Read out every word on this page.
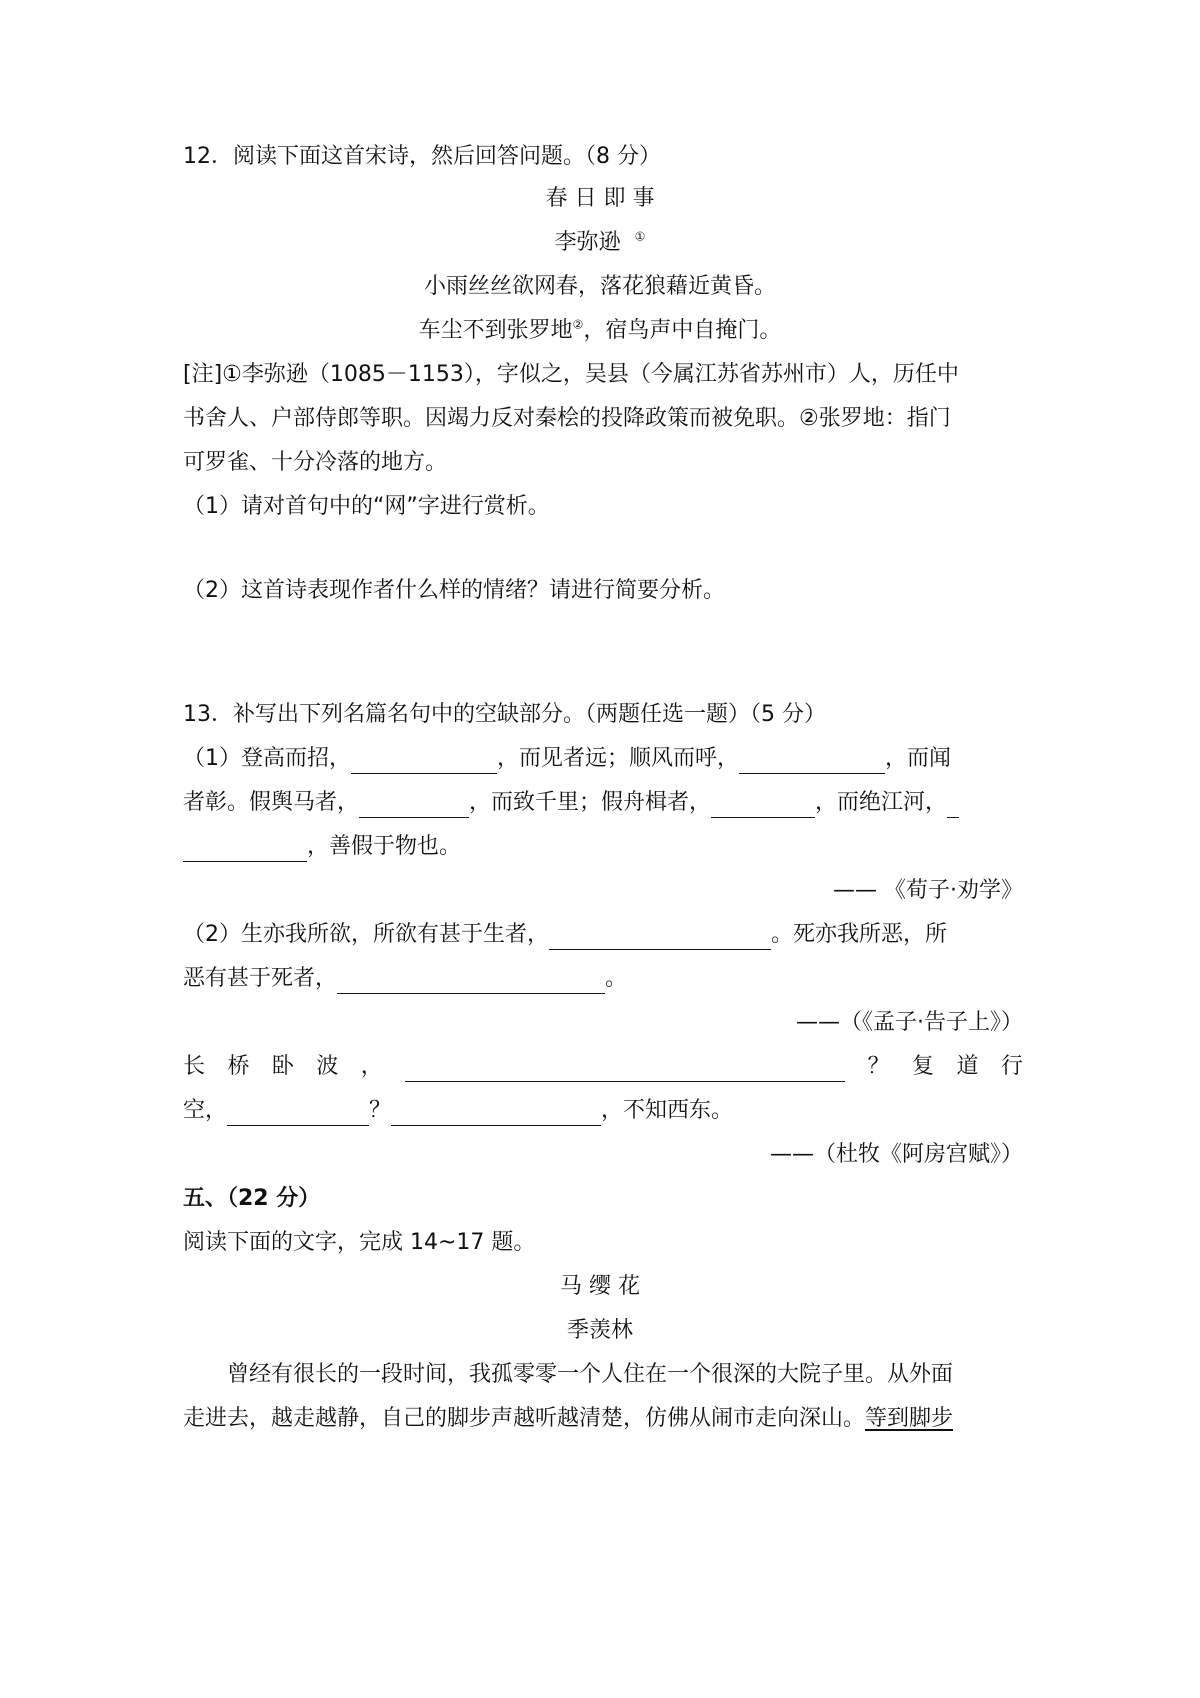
12．阅读下面这首宋诗，然后回答问题。（8 分）

春 日 即 事

李弥逊 ①

小雨丝丝欲网春，落花狼藉近黄昏。

车尘不到张罗地②，宿鸟声中自掩门。

[注]①李弥逊（1085－1153），字似之，吴县（今属江苏省苏州市）人，历任中

书舍人、户部侍郎等职。因竭力反对秦桧的投降政策而被免职。②张罗地：指门

可罗雀、十分冷落的地方。

（1）请对首句中的“网”字进行赏析。

（2）这首诗表现作者什么样的情绪？请进行简要分析。

13．补写出下列名篇名句中的空缺部分。（两题任选一题）（5 分）

（1）登高而招，	，而见者远；顺风而呼，	，而闻

者彰。假舆马者，	，而致千里；假舟楫者，	，而绝江河，

，善假于物也。

—— 《荀子·劝学》

（2）生亦我所欲，所欲有甚于生者，	。死亦我所恶，所

恶有甚于死者，	。

——（《孟子·告子上》）

长 桥 卧 波 ，	？ 复 道 行

空，	？	，不知西东。

——（杜牧《阿房宫赋》）

五、（22 分）

阅读下面的文字，完成 14~17 题。

马 缨 花

季羡林

曾经有很长的一段时间，我孤零零一个人住在一个很深的大院子里。从外面

走进去，越走越静，自己的脚步声越听越清楚，仿佛从闹市走向深山。等到脚步
